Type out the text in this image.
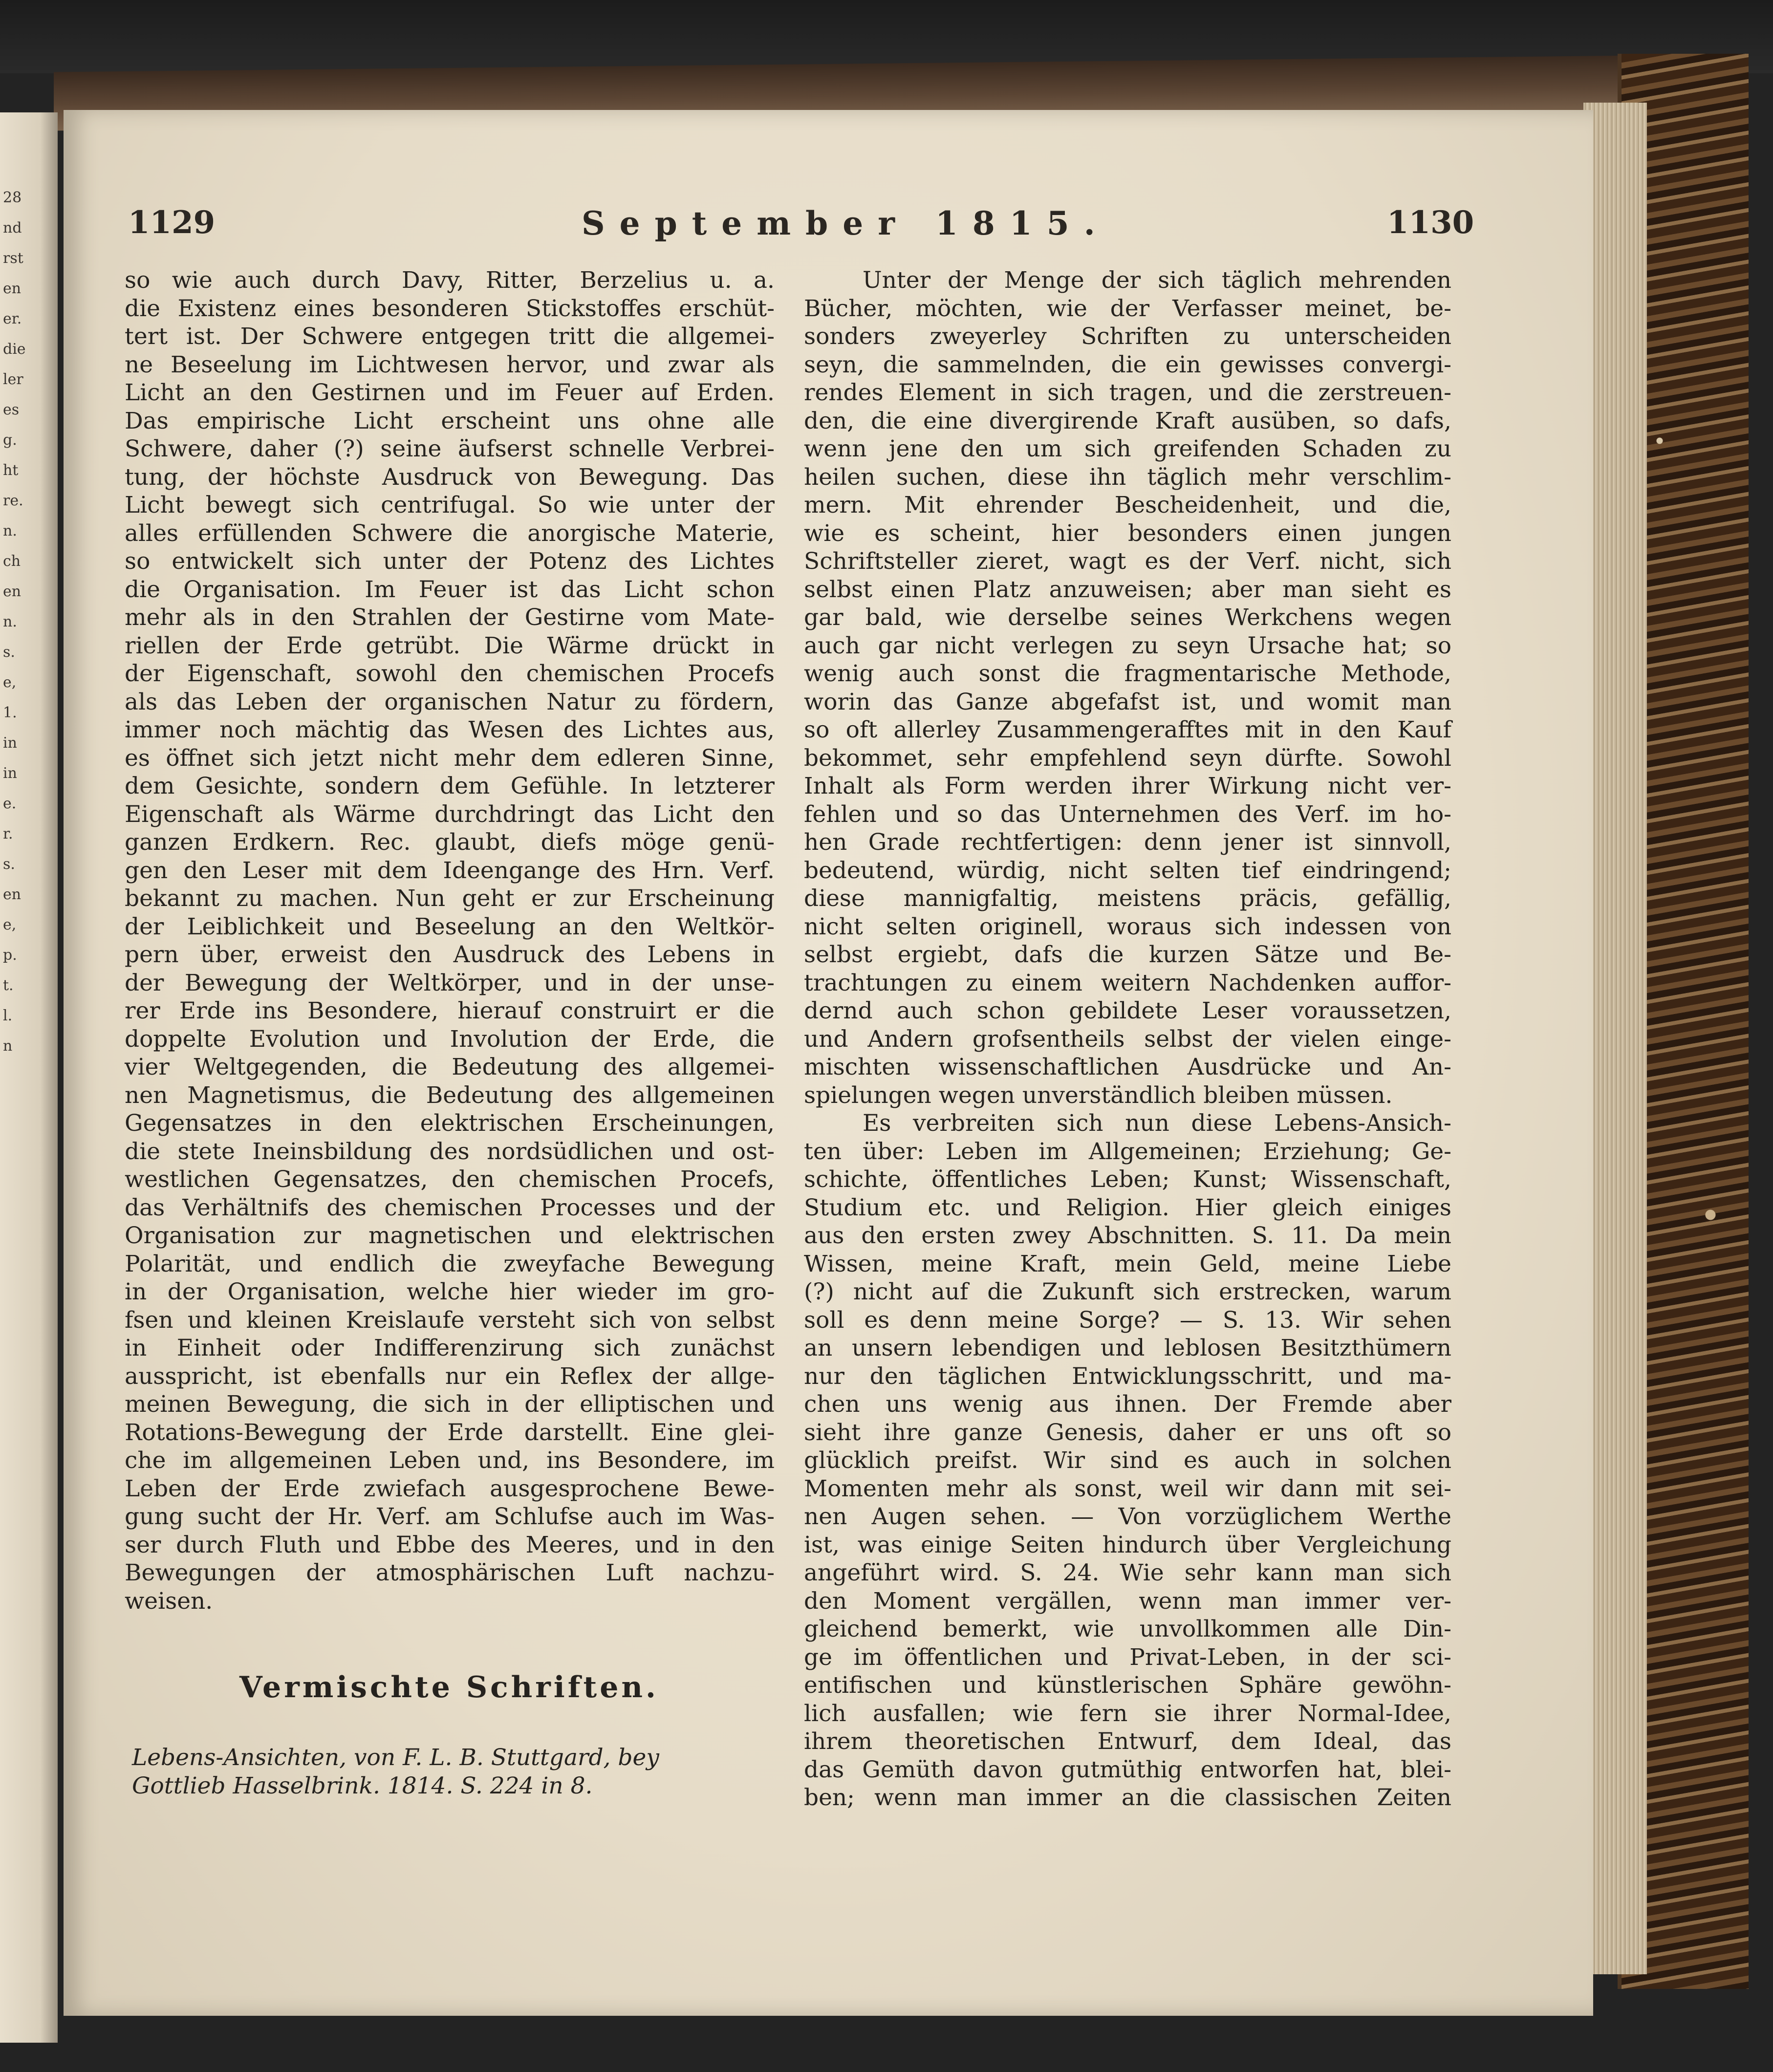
28
nd
rst
en
er.
die
ler
es
g.
ht
re.
n.
ch
en
n.
s.
e,
1.
in
in
e.
r.
s.
en
e,
p.
t.
l.
n
1129	September 1815.	1130
so wie auch durch Davy, Ritter, Berzelius u. a.
die Existenz eines besonderen Stickstoffes erschüt-
tert ist. Der Schwere entgegen tritt die allgemei-
ne Beseelung im Lichtwesen hervor, und zwar als
Licht an den Gestirnen und im Feuer auf Erden.
Das empirische Licht erscheint uns ohne alle
Schwere, daher (?) seine äufserst schnelle Verbrei-
tung, der höchste Ausdruck von Bewegung. Das
Licht bewegt sich centrifugal. So wie unter der
alles erfüllenden Schwere die anorgische Materie,
so entwickelt sich unter der Potenz des Lichtes
die Organisation. Im Feuer ist das Licht schon
mehr als in den Strahlen der Gestirne vom Mate-
riellen der Erde getrübt. Die Wärme drückt in
der Eigenschaft, sowohl den chemischen Procefs
als das Leben der organischen Natur zu fördern,
immer noch mächtig das Wesen des Lichtes aus,
es öffnet sich jetzt nicht mehr dem edleren Sinne,
dem Gesichte, sondern dem Gefühle. In letzterer
Eigenschaft als Wärme durchdringt das Licht den
ganzen Erdkern. Rec. glaubt, diefs möge genü-
gen den Leser mit dem Ideengange des Hrn. Verf.
bekannt zu machen. Nun geht er zur Erscheinung
der Leiblichkeit und Beseelung an den Weltkör-
pern über, erweist den Ausdruck des Lebens in
der Bewegung der Weltkörper, und in der unse-
rer Erde ins Besondere, hierauf construirt er die
doppelte Evolution und Involution der Erde, die
vier Weltgegenden, die Bedeutung des allgemei-
nen Magnetismus, die Bedeutung des allgemeinen
Gegensatzes in den elektrischen Erscheinungen,
die stete Ineinsbildung des nordsüdlichen und ost-
westlichen Gegensatzes, den chemischen Procefs,
das Verhältnifs des chemischen Processes und der
Organisation zur magnetischen und elektrischen
Polarität, und endlich die zweyfache Bewegung
in der Organisation, welche hier wieder im gro-
fsen und kleinen Kreislaufe versteht sich von selbst
in Einheit oder Indifferenzirung sich zunächst
ausspricht, ist ebenfalls nur ein Reflex der allge-
meinen Bewegung, die sich in der elliptischen und
Rotations-Bewegung der Erde darstellt. Eine glei-
che im allgemeinen Leben und, ins Besondere, im
Leben der Erde zwiefach ausgesprochene Bewe-
gung sucht der Hr. Verf. am Schlufse auch im Was-
ser durch Fluth und Ebbe des Meeres, und in den
Bewegungen der atmosphärischen Luft nachzu-
weisen.
Unter der Menge der sich täglich mehrenden
Bücher, möchten, wie der Verfasser meinet, be-
sonders zweyerley Schriften zu unterscheiden
seyn, die sammelnden, die ein gewisses convergi-
rendes Element in sich tragen, und die zerstreuen-
den, die eine divergirende Kraft ausüben, so dafs,
wenn jene den um sich greifenden Schaden zu
heilen suchen, diese ihn täglich mehr verschlim-
mern. Mit ehrender Bescheidenheit, und die,
wie es scheint, hier besonders einen jungen
Schriftsteller zieret, wagt es der Verf. nicht, sich
selbst einen Platz anzuweisen; aber man sieht es
gar bald, wie derselbe seines Werkchens wegen
auch gar nicht verlegen zu seyn Ursache hat; so
wenig auch sonst die fragmentarische Methode,
worin das Ganze abgefafst ist, und womit man
so oft allerley Zusammengerafftes mit in den Kauf
bekommet, sehr empfehlend seyn dürfte. Sowohl
Inhalt als Form werden ihrer Wirkung nicht ver-
fehlen und so das Unternehmen des Verf. im ho-
hen Grade rechtfertigen: denn jener ist sinnvoll,
bedeutend, würdig, nicht selten tief eindringend;
diese mannigfaltig, meistens präcis, gefällig,
nicht selten originell, woraus sich indessen von
selbst ergiebt, dafs die kurzen Sätze und Be-
trachtungen zu einem weitern Nachdenken auffor-
dernd auch schon gebildete Leser voraussetzen,
und Andern grofsentheils selbst der vielen einge-
mischten wissenschaftlichen Ausdrücke und An-
spielungen wegen unverständlich bleiben müssen.
Es verbreiten sich nun diese Lebens-Ansich-
ten über: Leben im Allgemeinen; Erziehung; Ge-
schichte, öffentliches Leben; Kunst; Wissenschaft,
Studium etc. und Religion. Hier gleich einiges
aus den ersten zwey Abschnitten. S. 11. Da mein
Wissen, meine Kraft, mein Geld, meine Liebe
(?) nicht auf die Zukunft sich erstrecken, warum
soll es denn meine Sorge? — S. 13. Wir sehen
an unsern lebendigen und leblosen Besitzthümern
nur den täglichen Entwicklungsschritt, und ma-
chen uns wenig aus ihnen. Der Fremde aber
sieht ihre ganze Genesis, daher er uns oft so
glücklich preifst. Wir sind es auch in solchen
Momenten mehr als sonst, weil wir dann mit sei-
nen Augen sehen. — Von vorzüglichem Werthe
ist, was einige Seiten hindurch über Vergleichung
angeführt wird. S. 24. Wie sehr kann man sich
den Moment vergällen, wenn man immer ver-
gleichend bemerkt, wie unvollkommen alle Din-
ge im öffentlichen und Privat-Leben, in der sci-
entifischen und künstlerischen Sphäre gewöhn-
lich ausfallen; wie fern sie ihrer Normal-Idee,
ihrem theoretischen Entwurf, dem Ideal, das
das Gemüth davon gutmüthig entworfen hat, blei-
ben; wenn man immer an die classischen Zeiten
Vermischte Schriften.
Lebens-Ansichten, von F. L. B. Stuttgard, bey
Gottlieb Hasselbrink. 1814. S. 224 in 8.
